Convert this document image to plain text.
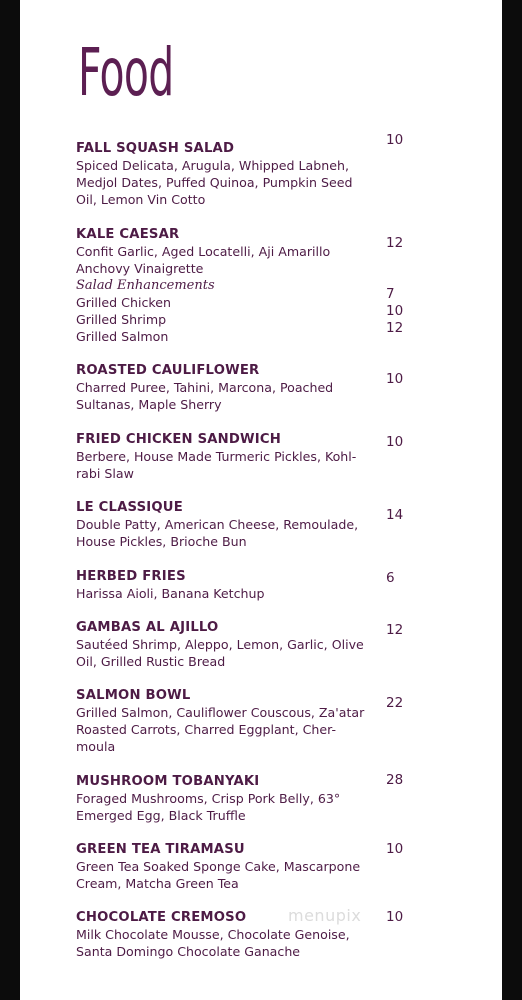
Food
FALL SQUASH SALAD
Spiced Delicata, Arugula, Whipped Labneh,
Medjol Dates, Puffed Quinoa, Pumpkin Seed
Oil, Lemon Vin Cotto
10
KALE CAESAR
Confit Garlic, Aged Locatelli, Aji Amarillo
Anchovy Vinaigrette
Salad Enhancements
Grilled Chicken
Grilled Shrimp
Grilled Salmon
12
7
10
12
ROASTED CAULIFLOWER
Charred Puree, Tahini, Marcona, Poached
Sultanas, Maple Sherry
10
FRIED CHICKEN SANDWICH
Berbere, House Made Turmeric Pickles, Kohl-
rabi Slaw
10
LE CLASSIQUE
Double Patty, American Cheese, Remoulade,
House Pickles, Brioche Bun
14
HERBED FRIES
Harissa Aioli, Banana Ketchup
6
GAMBAS AL AJILLO
Sautéed Shrimp, Aleppo, Lemon, Garlic, Olive
Oil, Grilled Rustic Bread
12
SALMON BOWL
Grilled Salmon, Cauliflower Couscous, Za'atar
Roasted Carrots, Charred Eggplant, Cher-
moula
22
MUSHROOM TOBANYAKI
Foraged Mushrooms, Crisp Pork Belly, 63°
Emerged Egg, Black Truffle
28
GREEN TEA TIRAMASU
Green Tea Soaked Sponge Cake, Mascarpone
Cream, Matcha Green Tea
10
CHOCOLATE CREMOSO
Milk Chocolate Mousse, Chocolate Genoise,
Santa Domingo Chocolate Ganache
10
menupix
